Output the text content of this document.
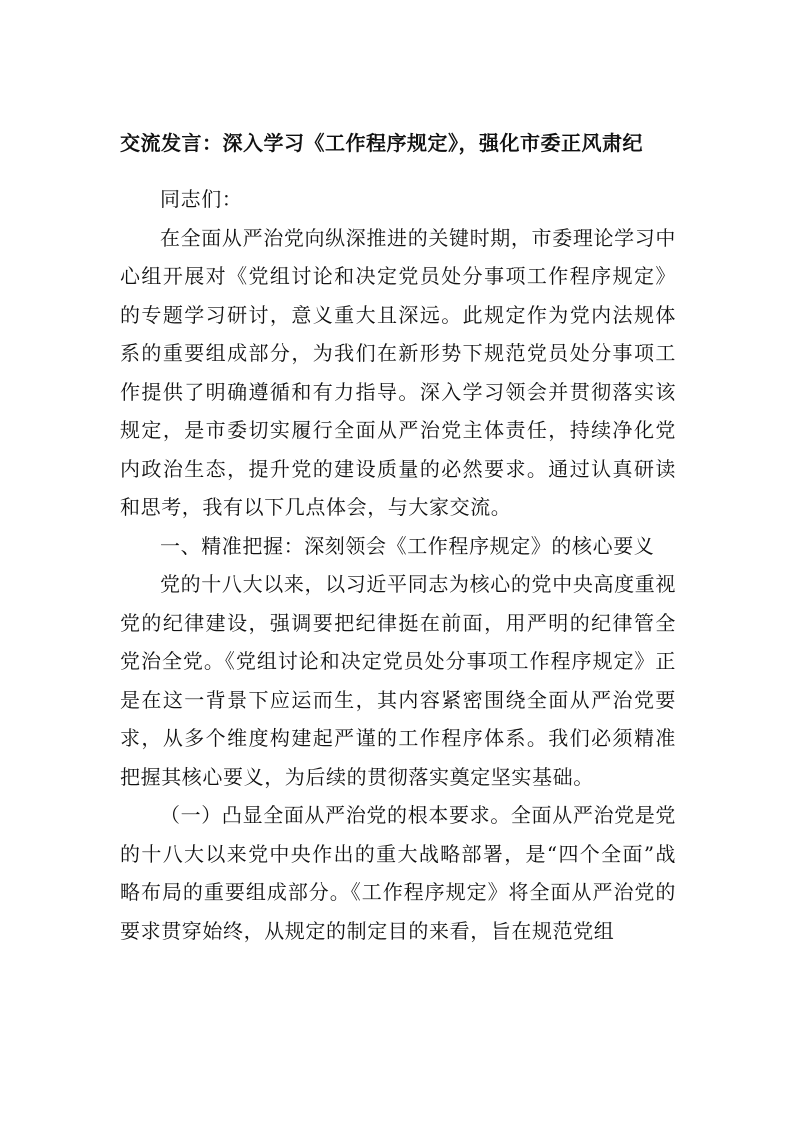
交流发言：深入学习《工作程序规定》，强化市委正风肃纪

同志们：

在全面从严治党向纵深推进的关键时期，市委理论学习中心组开展对《党组讨论和决定党员处分事项工作程序规定》的专题学习研讨，意义重大且深远。此规定作为党内法规体系的重要组成部分，为我们在新形势下规范党员处分事项工作提供了明确遵循和有力指导。深入学习领会并贯彻落实该规定，是市委切实履行全面从严治党主体责任，持续净化党内政治生态，提升党的建设质量的必然要求。通过认真研读和思考，我有以下几点体会，与大家交流。

一、精准把握：深刻领会《工作程序规定》的核心要义

党的十八大以来，以习近平同志为核心的党中央高度重视党的纪律建设，强调要把纪律挺在前面，用严明的纪律管全党治全党。《党组讨论和决定党员处分事项工作程序规定》正是在这一背景下应运而生，其内容紧密围绕全面从严治党要求，从多个维度构建起严谨的工作程序体系。我们必须精准把握其核心要义，为后续的贯彻落实奠定坚实基础。

（一）凸显全面从严治党的根本要求。全面从严治党是党的十八大以来党中央作出的重大战略部署，是“四个全面”战略布局的重要组成部分。《工作程序规定》将全面从严治党的要求贯穿始终，从规定的制定目的来看，旨在规范党组
